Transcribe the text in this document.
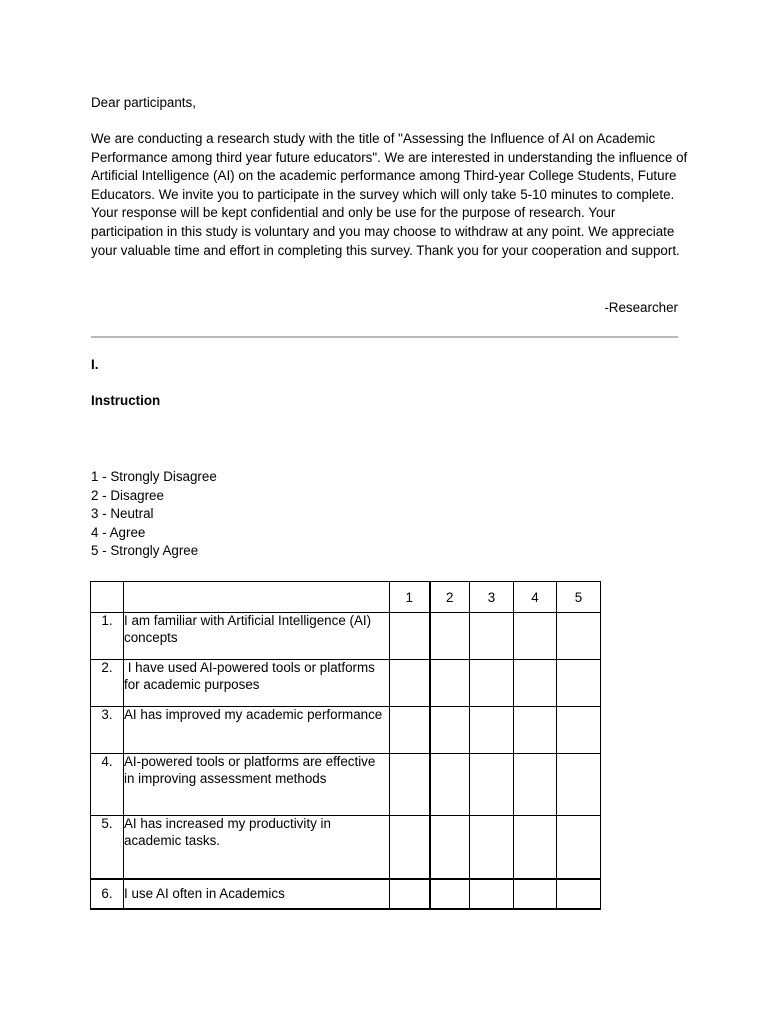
Dear participants,

We are conducting a research study with the title of "Assessing the Influence of AI on Academic Performance among third year future educators". We are interested in understanding the influence of Artificial Intelligence (AI) on the academic performance among Third-year College Students, Future Educators. We invite you to participate in the survey which will only take 5-10 minutes to complete. Your response will be kept confidential and only be use for the purpose of research. Your participation in this study is voluntary and you may choose to withdraw at any point. We appreciate your valuable time and effort in completing this survey. Thank you for your cooperation and support.

-Researcher
I.
Instruction
1 - Strongly Disagree
2 - Disagree
3 - Neutral
4 - Agree
5 - Strongly Agree
		1	2	3	4	5
1.	I am familiar with Artificial Intelligence (AI) concepts					
2.	I have used AI-powered tools or platforms for academic purposes					
3.	AI has improved my academic performance					
4.	AI-powered tools or platforms are effective in improving assessment methods					
5.	AI has increased my productivity in academic tasks.					
6.	I use AI often in Academics					
